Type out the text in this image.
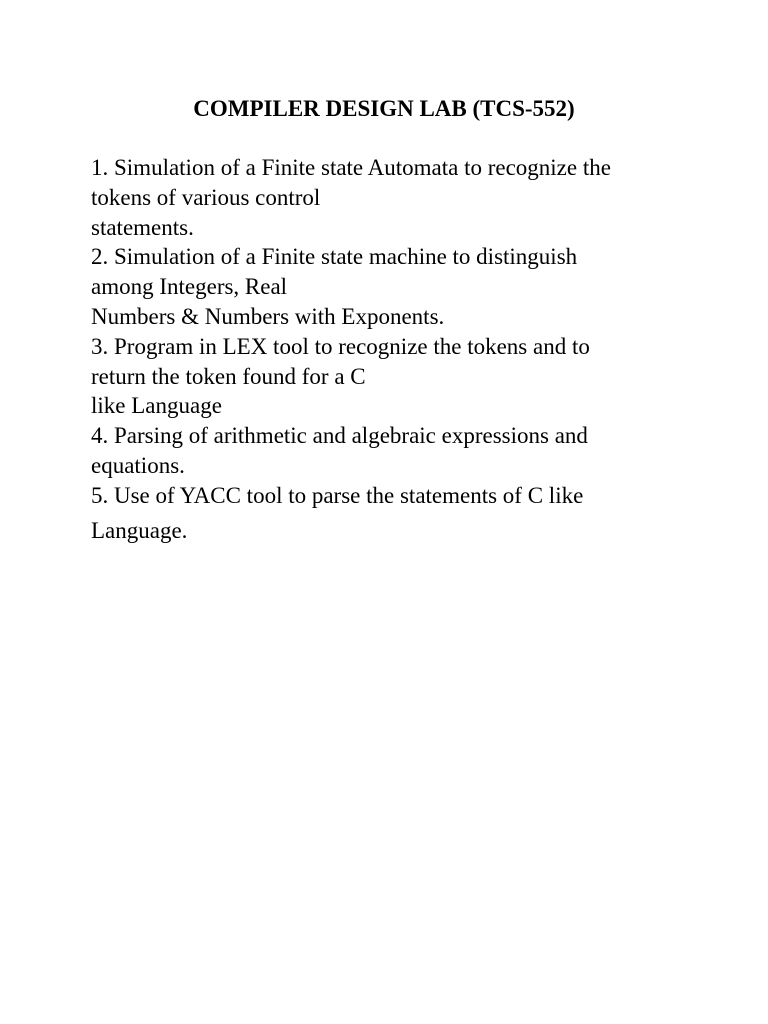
COMPILER DESIGN LAB (TCS-552)
1. Simulation of a Finite state Automata to recognize the
tokens of various control
statements.
2. Simulation of a Finite state machine to distinguish
among Integers, Real
Numbers & Numbers with Exponents.
3. Program in LEX tool to recognize the tokens and to
return the token found for a C
like Language
4. Parsing of arithmetic and algebraic expressions and
equations.
5. Use of YACC tool to parse the statements of C like
Language.
